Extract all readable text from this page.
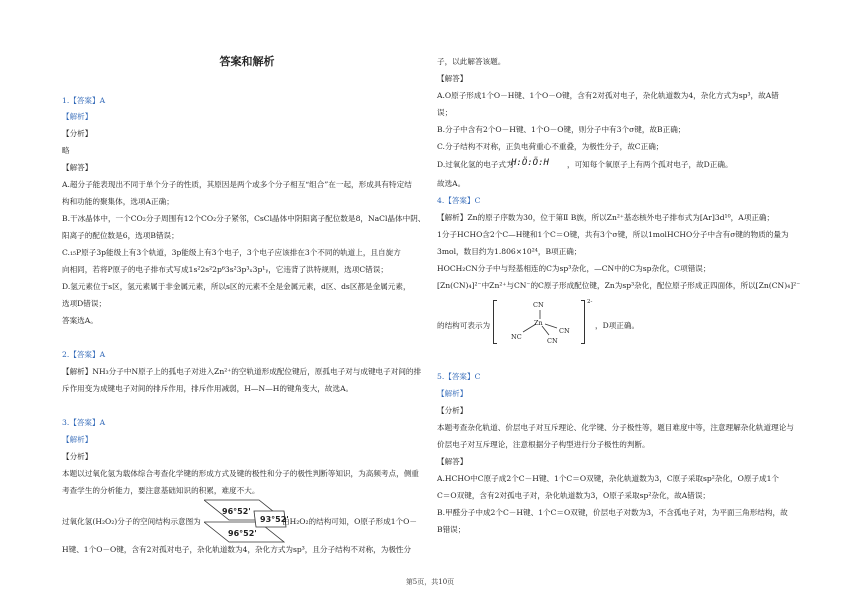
答案和解析
1.【答案】A
【解析】
【分析】
略
【解答】
A.超分子能表现出不同于单个分子的性质，其原因是两个或多个分子相互“组合”在一起，形成具有特定结
构和功能的聚集体，选项A正确；
B.干冰晶体中，一个CO₂分子周围有12个CO₂分子紧邻，CsCl晶体中阴阳离子配位数是8，NaCl晶体中阴、
阳离子的配位数是6，选项B错误；
C.₁₅P原子3p能级上有3个轨道，3p能级上有3个电子，3个电子应该排在3个不同的轨道上，且自旋方
向相同，若将P原子的电子排布式写成1s²2s²2p⁶3s²3p³ₓ3p¹ᵧ，它违背了洪特规则，选项C错误；
D.氢元素位于s区，氢元素属于非金属元素，所以s区的元素不全是金属元素，d区、ds区都是金属元素，
选项D错误；
答案选A。
2.【答案】A
【解析】NH₃分子中N原子上的孤电子对进入Zn²⁺的空轨道形成配位键后，原孤电子对与成键电子对间的排
斥作用变为成键电子对间的排斥作用，排斥作用减弱，H—N—H的键角变大，故选A。
3.【答案】A
【解析】
【分析】
本题以过氧化氢为载体综合考查化学键的形成方式及键的极性和分子的极性判断等知识，为高频考点，侧重
考查学生的分析能力，要注意基础知识的积累，难度不大。
过氧化氢(H₂O₂)分子的空间结构示意图为
96°52'
93°52'
96°52'
由H₂O₂的结构可知，O原子形成1个O－
H键、1个O－O键，含有2对孤对电子，杂化轨道数为4，杂化方式为sp³，且分子结构不对称，为极性分
子，以此解答该题。
【解答】
A.O原子形成1个O－H键、1个O－O键，含有2对孤对电子，杂化轨道数为4，杂化方式为sp³，故A错
误；
B.分子中含有2个O－H键、1个O－O键，则分子中有3个σ键，故B正确；
C.分子结构不对称，正负电荷重心不重叠，为极性分子，故C正确；
D.过氧化氢的电子式为
H:Ö:Ö:H	，可知每个氧原子上有两个孤对电子，故D正确。
故选A。
4.【答案】C
【解析】Zn的原子序数为30，位于第Ⅱ B族，所以Zn²⁺基态核外电子排布式为[Ar]3d¹⁰，A项正确；
1分子HCHO含2个C—H键和1个C＝O键，共有3个σ键，所以1molHCHO分子中含有σ键的物质的量为
3mol，数目约为1.806×10²⁴，B项正确；
HOCH₂CN分子中与羟基相连的C为sp³杂化，—CN中的C为sp杂化，C项错误；
[Zn(CN)₄]²⁻中Zn²⁺与CN⁻的C原子形成配位键，Zn为sp³杂化，配位原子形成正四面体，所以[Zn(CN)₄]²⁻
的结构可表示为
CN
Zn
NC
CN
CN
2-
，D项正确。
5.【答案】C
【解析】
【分析】
本题考查杂化轨道、价层电子对互斥理论、化学键、分子极性等，题目难度中等，注意理解杂化轨道理论与
价层电子对互斥理论，注意根据分子构型进行分子极性的判断。
【解答】
A.HCHO中C原子成2个C－H键、1个C＝O双键，杂化轨道数为3，C原子采取sp²杂化，O原子成1个
C＝O双键，含有2对孤电子对，杂化轨道数为3，O原子采取sp²杂化，故A错误；
B.甲醛分子中成2个C－H键、1个C＝O双键，价层电子对数为3，不含孤电子对，为平面三角形结构，故
B错误；
第5页，共10页
